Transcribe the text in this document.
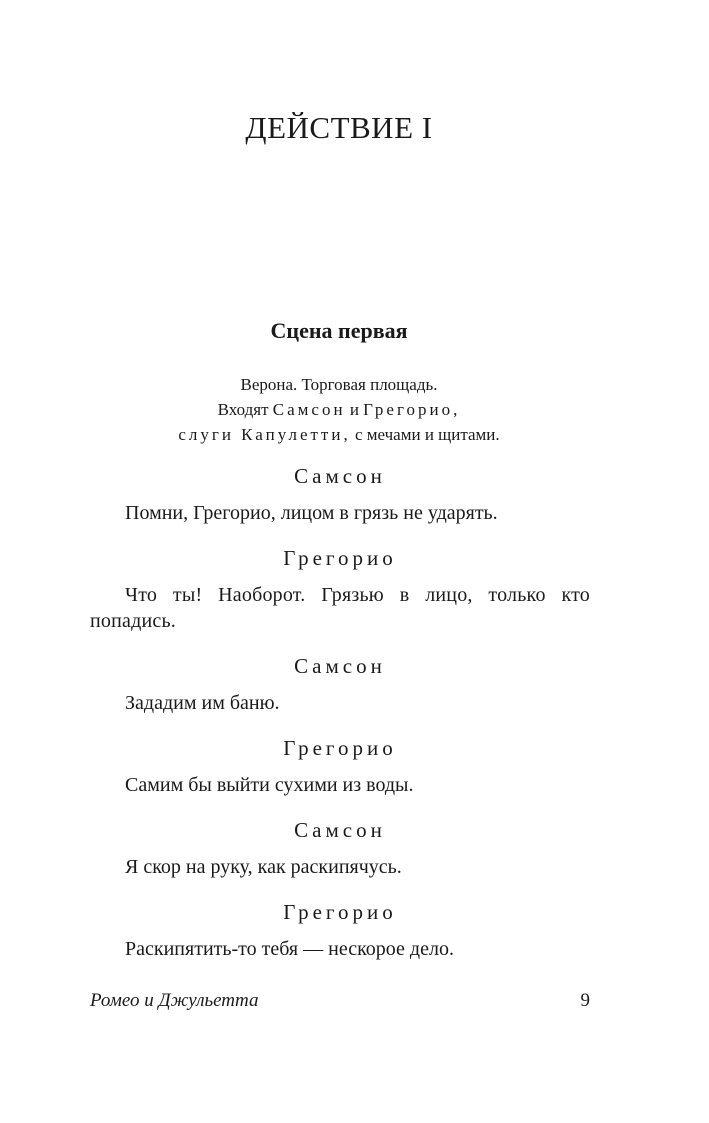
ДЕЙСТВИЕ I
Сцена первая
Верона. Торговая площадь.
Входят Самсон и Грегорио,
слуги Капулетти, с мечами и щитами.

Самсон

Помни, Грегорио, лицом в грязь не ударять.

Грегорио

Что ты! Наоборот. Грязью в лицо, только кто попадись.

Самсон

Зададим им баню.

Грегорио

Самим бы выйти сухими из воды.

Самсон

Я скор на руку, как раскипячусь.

Грегорио

Раскипятить-то тебя — нескорое дело.

Ромео и Джульетта	9
